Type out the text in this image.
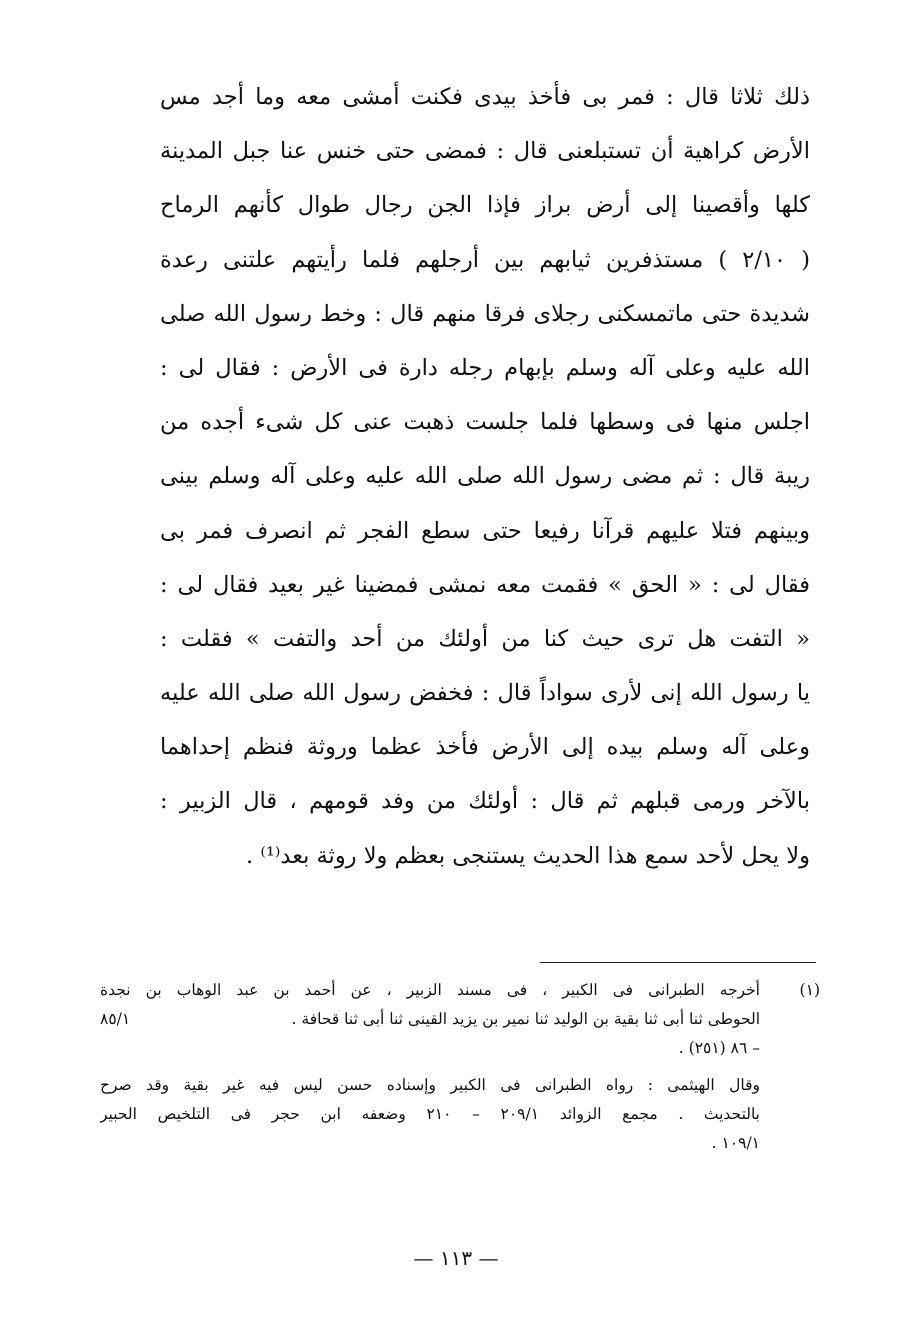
ذلك ثلاثا قال : فمر بى فأخذ بيدى فكنت أمشى معه وما أجد مس
الأرض كراهية أن تستبلعنى قال : فمضى حتى خنس عنا جبل المدينة
كلها وأقصينا إلى أرض براز فإذا الجن رجال طوال كأنهم الرماح
( ٢/١٠ ) مستذفرين ثيابهم بين أرجلهم فلما رأيتهم علتنى رعدة
شديدة حتى ماتمسكنى رجلاى فرقا منهم قال : وخط رسول الله صلى
الله عليه وعلى آله وسلم بإبهام رجله دارة فى الأرض : فقال لى :
اجلس منها فى وسطها فلما جلست ذهبت عنى كل شىء أجده من
ريبة قال : ثم مضى رسول الله صلى الله عليه وعلى آله وسلم بينى
وبينهم فتلا عليهم قرآنا رفيعا حتى سطع الفجر ثم انصرف فمر بى
فقال لى : « الحق » فقمت معه نمشى فمضينا غير بعيد فقال لى :
« التفت هل ترى حيث كنا من أولئك من أحد والتفت » فقلت :
يا رسول الله إنى لأرى سواداً قال : فخفض رسول الله صلى الله عليه
وعلى آله وسلم بيده إلى الأرض فأخذ عظما وروثة فنظم إحداهما
بالآخر ورمى قبلهم ثم قال : أولئك من وفد قومهم ، قال الزبير :
ولا يحل لأحد سمع هذا الحديث يستنجى بعظم ولا روثة بعد⁽¹⁾ .
(١)
أخرجه الطبرانى فى الكبير ، فى مسند الزبير ، عن أحمد بن عبد الوهاب بن نجدة
الحوطى ثنا أبى ثنا بقية بن الوليد ثنا نمير بن يزيد القينى ثنا أبى ثنا قحافة .
٨٥/١
– ٨٦ (٢٥١) .
وقال الهيثمى : رواه الطبرانى فى الكبير وإسناده حسن ليس فيه غير بقية وقد صرح
بالتحديث . مجمع الزوائد ٢٠٩/١ – ٢١٠ وضعفه ابن حجر فى التلخيص الحبير
١٠٩/١ .
— ١١٣ —
